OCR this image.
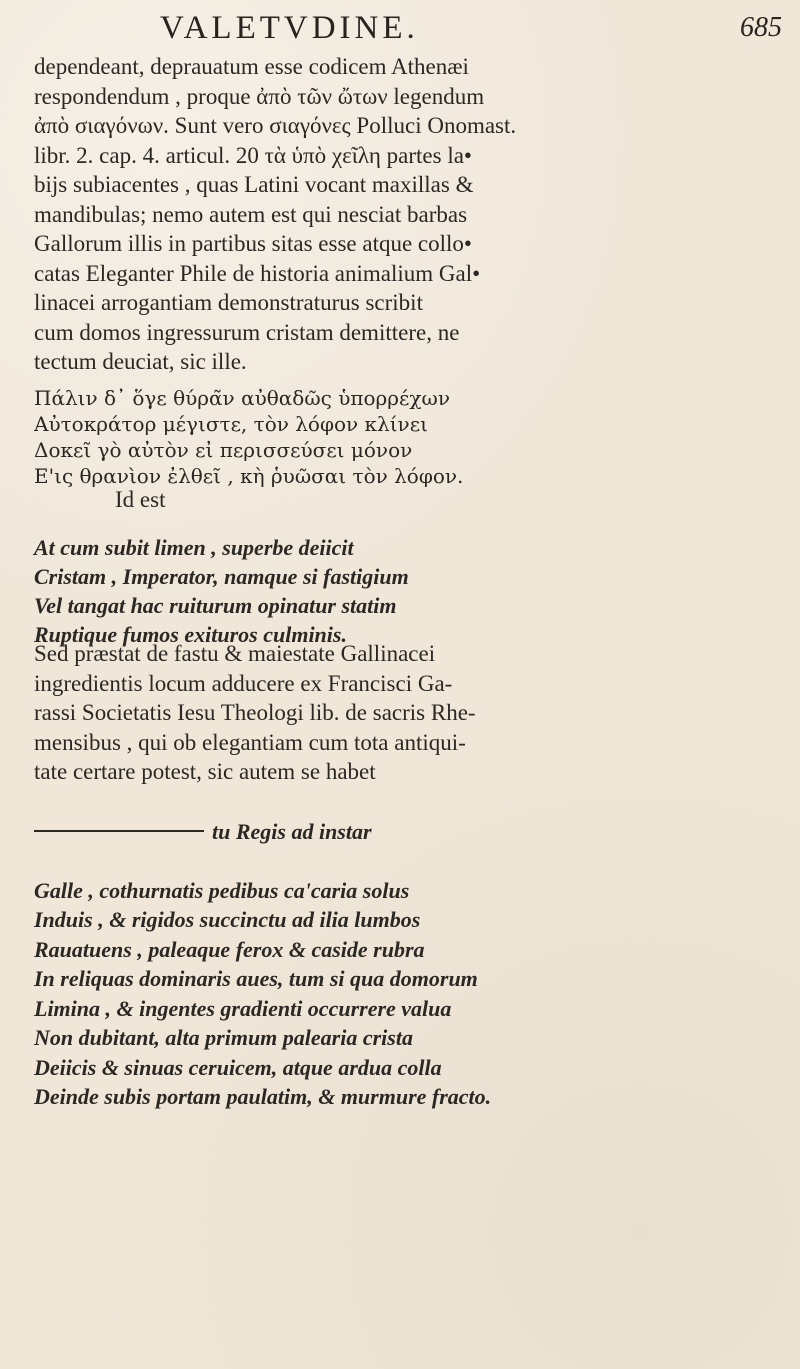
VALETVDINE.	685
dependeant, deprauatum esse codicem Athenæi
respondendum , proque ἀπὸ τῶν ὤτων legendum
ἀπὸ σιαγόνων. Sunt vero σιαγόνες Polluci Onomast.
libr. 2. cap. 4. articul. 20 τὰ ὑπὸ χεῖλη partes la•
bijs subiacentes , quas Latini vocant maxillas &
mandibulas; nemo autem est qui nesciat barbas
Gallorum illis in partibus sitas esse atque collo•
catas Eleganter Phile de historia animalium Gal•
linacei arrogantiam demonstraturus scribit
cum domos ingressurum cristam demittere, ne
tectum deuciat, sic ille.
Πάλιν δ᾽ ὅγε θύρα̃ν αὐθαδῶς ὑπορρέχων
Αὐτοκράτορ μέγιστε, τὸν λόφον κλίνει
Δοκεῖ γὸ αὐτὸν εἰ περισσεύσει μόνον
Ε'ις θρανὶον ἐλθεῖ , κὴ ῥυῶσαι τὸν λόφον.
Id est
At cum subit limen , superbe deiicit
Cristam , Imperator, namque si fastigium
Vel tangat hac ruiturum opinatur statim
Ruptique fumos exituros culminis.
Sed præstat de fastu & maiestate Gallinacei
ingredientis locum adducere ex Francisci Ga-
rassi Societatis Iesu Theologi lib. de sacris Rhe-
mensibus , qui ob elegantiam cum tota antiqui-
tate certare potest, sic autem se habet

tu Regis ad instar

Galle , cothurnatis pedibus ca'caria solus
Induis , & rigidos succinctu ad ilia lumbos
Rauatuens , paleaque ferox & caside rubra
In reliquas dominaris aues, tum si qua domorum
Limina , & ingentes gradienti occurrere valua
Non dubitant, alta primum palearia crista
Deiicis & sinuas ceruicem, atque ardua colla
Deinde subis portam paulatim, & murmure fracto.
